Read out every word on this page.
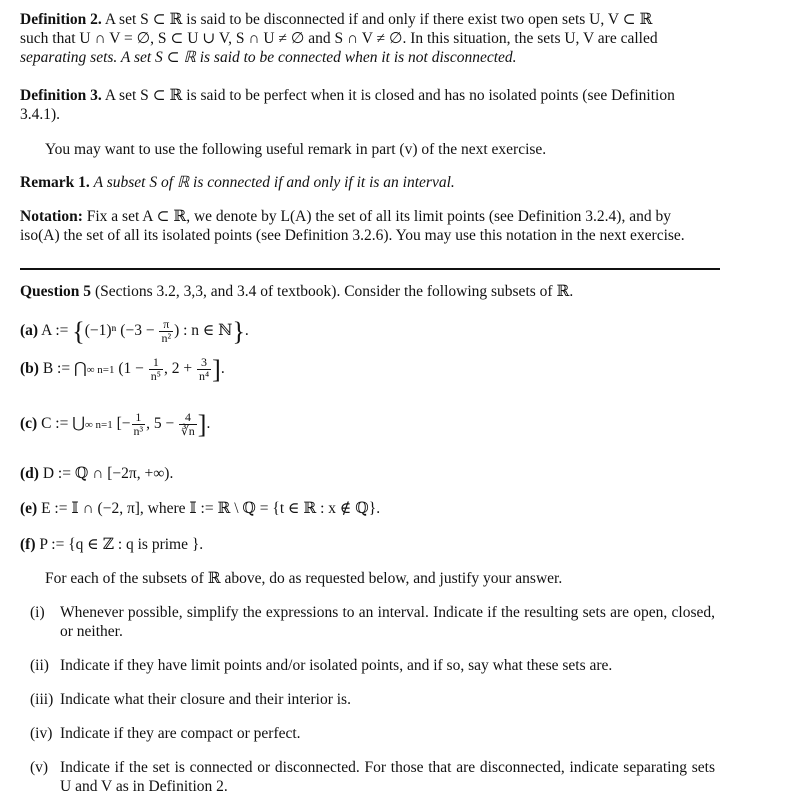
Definition 2. A set S ⊂ ℝ is said to be disconnected if and only if there exist two open sets U, V ⊂ ℝ
such that U ∩ V = ∅, S ⊂ U ∪ V, S ∩ U ≠ ∅ and S ∩ V ≠ ∅. In this situation, the sets U, V are called
separating sets. A set S ⊂ ℝ is said to be connected when it is not disconnected.
Definition 3. A set S ⊂ ℝ is said to be perfect when it is closed and has no isolated points (see Definition
3.4.1).
You may want to use the following useful remark in part (v) of the next exercise.
Remark 1. A subset S of ℝ is connected if and only if it is an interval.
Notation: Fix a set A ⊂ ℝ, we denote by L(A) the set of all its limit points (see Definition 3.2.4), and by
iso(A) the set of all its isolated points (see Definition 3.2.6). You may use this notation in the next exercise.
Question 5 (Sections 3.2, 3,3, and 3.4 of textbook). Consider the following subsets of ℝ.
(a) A := {(−1)ⁿ ($-3 - \frac{\pi}{\text{n²}}$ ) : n ∈ ℕ}.
(b) B := ⋂∞ n=1 ($1 - \frac{1}{\text{n⁵}}$ , $2 + \frac{3}{\text{n⁴}}$ ].
(c) C := ⋃∞ n=1 [− $\frac{1}{\text{n³}}$ , $5 - \frac{4}{∛n}$ ].
(d) D := ℚ ∩ [−2π, +∞).
(e) E := 𝕀 ∩ (−2, π], where 𝕀 := ℝ \ ℚ = {t ∈ ℝ : x ∉ ℚ}.
(f) P := {q ∈ ℤ : q is prime }.
For each of the subsets of ℝ above, do as requested below, and justify your answer.
(i) Whenever possible, simplify the expressions to an interval. Indicate if the resulting sets are open, closed, or neither.
(ii) Indicate if they have limit points and/or isolated points, and if so, say what these sets are.
(iii) Indicate what their closure and their interior is.
(iv) Indicate if they are compact or perfect.
(v) Indicate if the set is connected or disconnected. For those that are disconnected, indicate separating sets U and V as in Definition 2.
